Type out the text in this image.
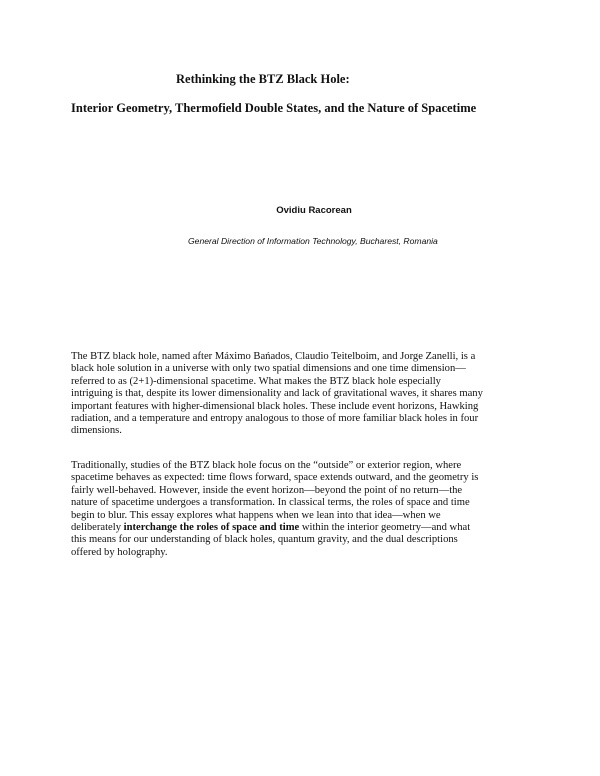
Rethinking the BTZ Black Hole:
Interior Geometry, Thermofield Double States, and the Nature of Spacetime
Ovidiu Racorean
General Direction of Information Technology, Bucharest, Romania

The BTZ black hole, named after Máximo Bańados, Claudio Teitelboim, and Jorge Zanelli, is a
black hole solution in a universe with only two spatial dimensions and one time dimension—
referred to as (2+1)-dimensional spacetime. What makes the BTZ black hole especially
intriguing is that, despite its lower dimensionality and lack of gravitational waves, it shares many
important features with higher-dimensional black holes. These include event horizons, Hawking
radiation, and a temperature and entropy analogous to those of more familiar black holes in four
dimensions.

Traditionally, studies of the BTZ black hole focus on the “outside” or exterior region, where
spacetime behaves as expected: time flows forward, space extends outward, and the geometry is
fairly well-behaved. However, inside the event horizon—beyond the point of no return—the
nature of spacetime undergoes a transformation. In classical terms, the roles of space and time
begin to blur. This essay explores what happens when we lean into that idea—when we
deliberately interchange the roles of space and time within the interior geometry—and what
this means for our understanding of black holes, quantum gravity, and the dual descriptions
offered by holography.
